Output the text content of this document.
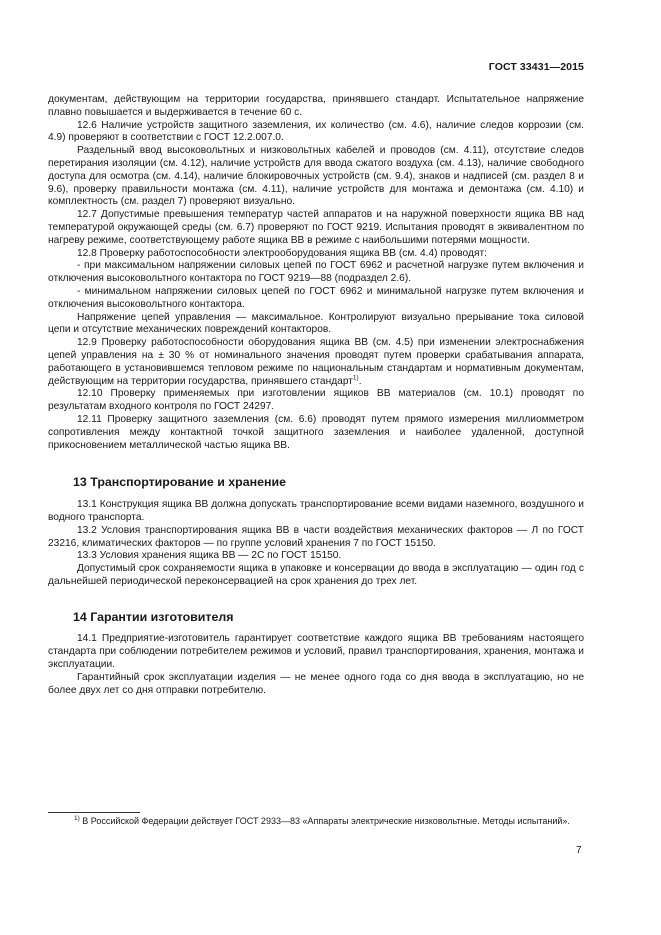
ГОСТ 33431—2015

документам, действующим на территории государства, принявшего стандарт. Испытательное напряжение плавно повышается и выдерживается в течение 60 с.

12.6 Наличие устройств защитного заземления, их количество (см. 4.6), наличие следов коррозии (см. 4.9) проверяют в соответствии с ГОСТ 12.2.007.0.

Раздельный ввод высоковольтных и низковольтных кабелей и проводов (см. 4.11), отсутствие следов перетирания изоляции (см. 4.12), наличие устройств для ввода сжатого воздуха (см. 4.13), наличие свободного доступа для осмотра (см. 4.14), наличие блокировочных устройств (см. 9.4), знаков и надписей (см. раздел 8 и 9.6), проверку правильности монтажа (см. 4.11), наличие устройств для монтажа и демонтажа (см. 4.10) и комплектность (см. раздел 7) проверяют визуально.

12.7 Допустимые превышения температур частей аппаратов и на наружной поверхности ящика ВВ над температурой окружающей среды (см. 6.7) проверяют по ГОСТ 9219. Испытания проводят в эквивалентном по нагреву режиме, соответствующему работе ящика ВВ в режиме с наибольшими потерями мощности.

12.8 Проверку работоспособности электрооборудования ящика ВВ (см. 4.4) проводят:

- при максимальном напряжении силовых цепей по ГОСТ 6962 и расчетной нагрузке путем включения и отключения высоковольтного контактора по ГОСТ 9219—88 (подраздел 2.6).

- минимальном напряжении силовых цепей по ГОСТ 6962 и минимальной нагрузке путем включения и отключения высоковольтного контактора.

Напряжение цепей управления — максимальное. Контролируют визуально прерывание тока силовой цепи и отсутствие механических повреждений контакторов.

12.9 Проверку работоспособности оборудования ящика ВВ (см. 4.5) при изменении электроснабжения цепей управления на ± 30 % от номинального значения проводят путем проверки срабатывания аппарата, работающего в установившемся тепловом режиме по национальным стандартам и нормативным документам, действующим на территории государства, принявшего стандарт$^{1)}$.

12.10 Проверку применяемых при изготовлении ящиков ВВ материалов (см. 10.1) проводят по результатам входного контроля по ГОСТ 24297.

12.11 Проверку защитного заземления (см. 6.6) проводят путем прямого измерения миллиомметром сопротивления между контактной точкой защитного заземления и наиболее удаленной, доступной прикосновением металлической частью ящика ВВ.

13 Транспортирование и хранение

13.1 Конструкция ящика ВВ должна допускать транспортирование всеми видами наземного, воздушного и водного транспорта.

13.2 Условия транспортирования ящика ВВ в части воздействия механических факторов — Л по ГОСТ 23216, климатических факторов — по группе условий хранения 7 по ГОСТ 15150.

13.3 Условия хранения ящика ВВ — 2С по ГОСТ 15150.

Допустимый срок сохраняемости ящика в упаковке и консервации до ввода в эксплуатацию — один год с дальнейшей периодической переконсервацией на срок хранения до трех лет.

14 Гарантии изготовителя

14.1 Предприятие-изготовитель гарантирует соответствие каждого ящика ВВ требованиям настоящего стандарта при соблюдении потребителем режимов и условий, правил транспортирования, хранения, монтажа и эксплуатации.

Гарантийный срок эксплуатации изделия — не менее одного года со дня ввода в эксплуатацию, но не более двух лет со дня отправки потребителю.

$^{1)}$ В Российской Федерации действует ГОСТ 2933—83 «Аппараты электрические низковольтные. Методы испытаний».
7
